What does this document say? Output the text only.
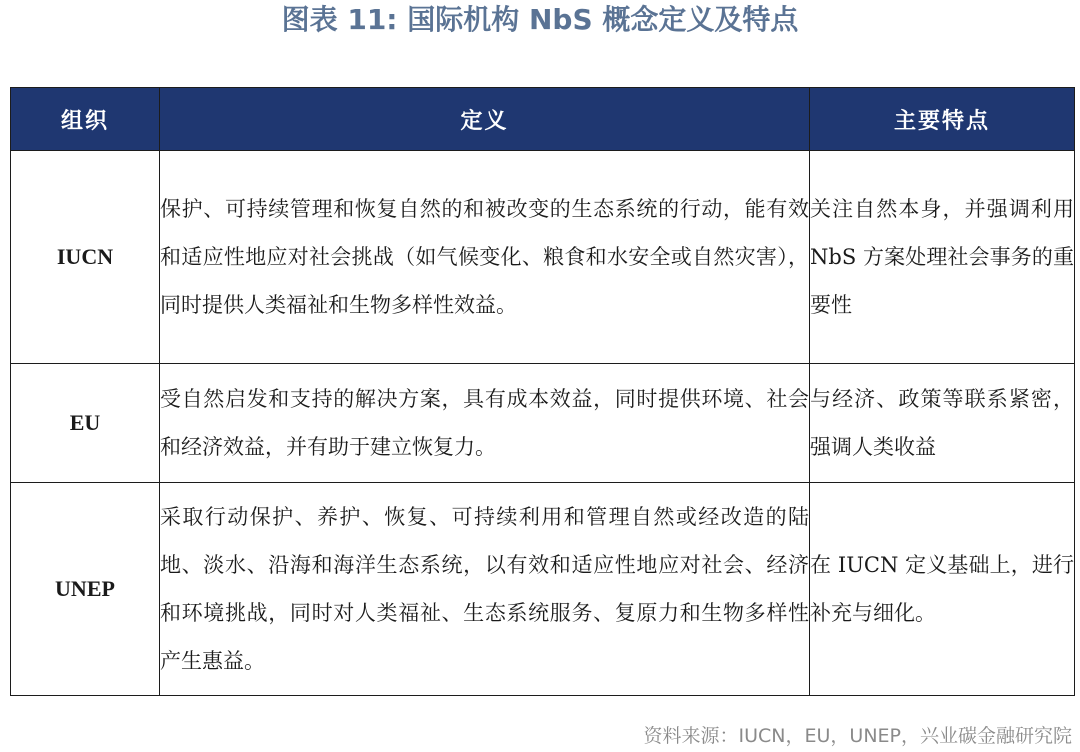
图表 11: 国际机构 NbS 概念定义及特点
组织	定义	主要特点
IUCN	保护、可持续管理和恢复自然的和被改变的生态系统的行动，能有效和适应性地应对社会挑战（如气候变化、粮食和水安全或自然灾害），同时提供人类福祉和生物多样性效益。	关注自然本身，并强调利用 NbS 方案处理社会事务的重要性
EU	受自然启发和支持的解决方案，具有成本效益，同时提供环境、社会和经济效益，并有助于建立恢复力。	与经济、政策等联系紧密，强调人类收益
UNEP	采取行动保护、养护、恢复、可持续利用和管理自然或经改造的陆地、淡水、沿海和海洋生态系统，以有效和适应性地应对社会、经济和环境挑战，同时对人类福祉、生态系统服务、复原力和生物多样性产生惠益。	在 IUCN 定义基础上，进行补充与细化。
资料来源：IUCN，EU，UNEP，兴业碳金融研究院
